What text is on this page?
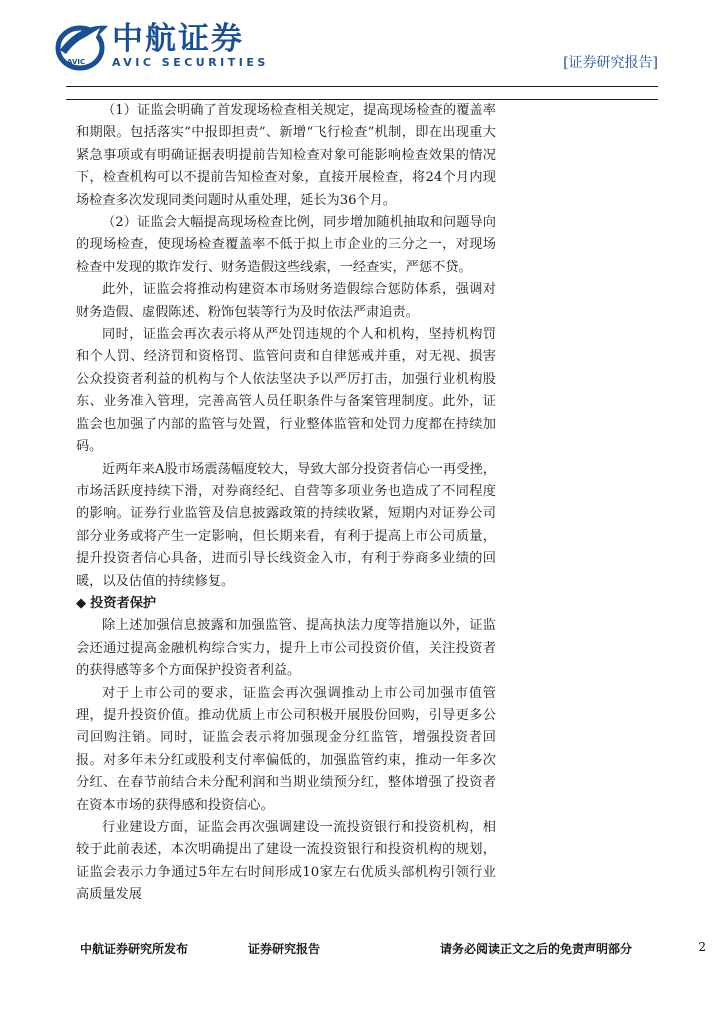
AVIC
中航证券
AVIC SECURITIES	[证券研究报告]

（1）证监会明确了首发现场检查相关规定，提高现场检查的覆盖率和期限。包括落实“中报即担责”、新增“飞行检查”机制，即在出现重大紧急事项或有明确证据表明提前告知检查对象可能影响检查效果的情况下，检查机构可以不提前告知检查对象，直接开展检查，将24个月内现场检查多次发现同类问题时从重处理，延长为36个月。

（2）证监会大幅提高现场检查比例，同步增加随机抽取和问题导向的现场检查，使现场检查覆盖率不低于拟上市企业的三分之一，对现场检查中发现的欺诈发行、财务造假这些线索，一经查实，严惩不贷。

此外，证监会将推动构建资本市场财务造假综合惩防体系，强调对财务造假、虚假陈述、粉饰包装等行为及时依法严肃追责。

同时，证监会再次表示将从严处罚违规的个人和机构，坚持机构罚和个人罚、经济罚和资格罚、监管问责和自律惩戒并重，对无视、损害公众投资者利益的机构与个人依法坚决予以严厉打击，加强行业机构股东、业务准入管理，完善高管人员任职条件与备案管理制度。此外，证监会也加强了内部的监管与处置，行业整体监管和处罚力度都在持续加码。

近两年来A股市场震荡幅度较大，导致大部分投资者信心一再受挫，市场活跃度持续下滑，对券商经纪、自营等多项业务也造成了不同程度的影响。证券行业监管及信息披露政策的持续收紧，短期内对证券公司部分业务或将产生一定影响，但长期来看，有利于提高上市公司质量，提升投资者信心具备，进而引导长线资金入市，有利于券商多业绩的回暖，以及估值的持续修复。

◆ 投资者保护

除上述加强信息披露和加强监管、提高执法力度等措施以外，证监会还通过提高金融机构综合实力，提升上市公司投资价值，关注投资者的获得感等多个方面保护投资者利益。

对于上市公司的要求，证监会再次强调推动上市公司加强市值管理，提升投资价值。推动优质上市公司积极开展股份回购，引导更多公司回购注销。同时，证监会表示将加强现金分红监管，增强投资者回报。对多年未分红或股利支付率偏低的，加强监管约束，推动一年多次分红、在春节前结合未分配利润和当期业绩预分红，整体增强了投资者在资本市场的获得感和投资信心。

行业建设方面，证监会再次强调建设一流投资银行和投资机构，相较于此前表述，本次明确提出了建设一流投资银行和投资机构的规划，证监会表示力争通过5年左右时间形成10家左右优质头部机构引领行业高质量发展

中航证券研究所发布	证券研究报告	请务必阅读正文之后的免责声明部分	2
